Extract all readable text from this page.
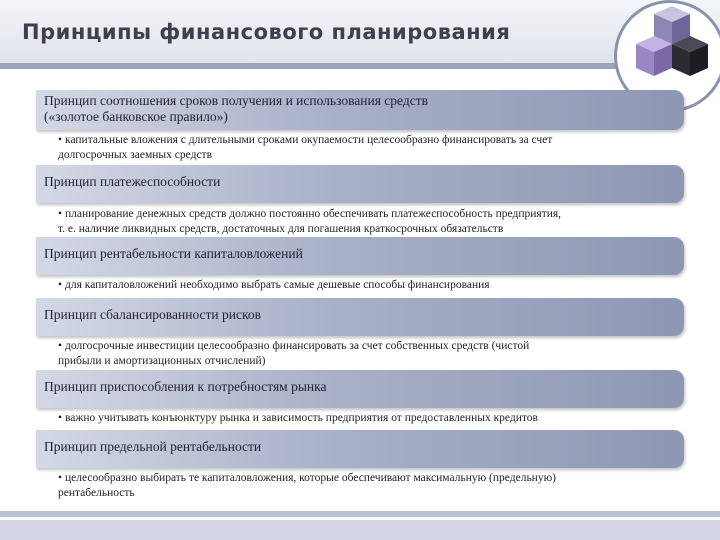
Принципы финансового планирования
Принцип соотношения сроков получения и использования средств
(«золотое банковское правило»)
• капитальные вложения с длительными сроками окупаемости целесообразно финансировать за счет
долгосрочных заемных средств
Принцип платежеспособности
• планирование денежных средств должно постоянно обеспечивать платежеспособность предприятия,
т. е. наличие ликвидных средств, достаточных для погашения краткосрочных обязательств
Принцип рентабельности капиталовложений
• для капиталовложений необходимо выбрать самые дешевые способы финансирования
Принцип сбалансированности рисков
• долгосрочные инвестиции целесообразно финансировать за счет собственных средств (чистой
прибыли и амортизационных отчислений)
Принцип приспособления к потребностям рынка
• важно учитывать конъюнктуру рынка и зависимость предприятия от предоставленных кредитов
Принцип предельной рентабельности
• целесообразно выбирать те капиталовложения, которые обеспечивают максимальную (предельную)
рентабельность
